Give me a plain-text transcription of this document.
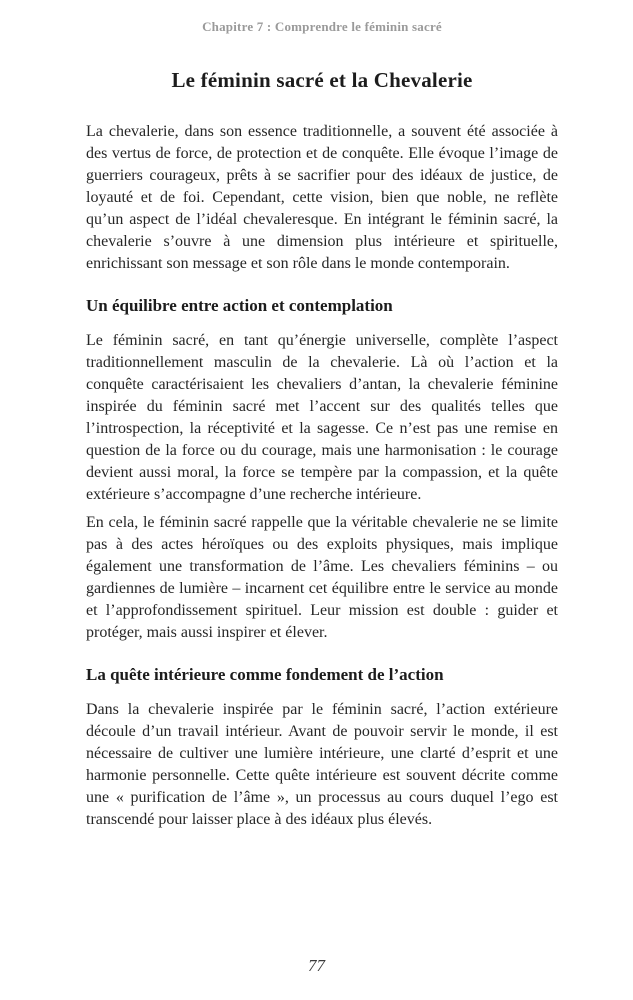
Chapitre 7 : Comprendre le féminin sacré
Le féminin sacré et la Chevalerie

La chevalerie, dans son essence traditionnelle, a souvent été associée à des vertus de force, de protection et de conquête. Elle évoque l’image de guerriers courageux, prêts à se sacrifier pour des idéaux de justice, de loyauté et de foi. Cependant, cette vision, bien que noble, ne reflète qu’un aspect de l’idéal chevaleresque. En intégrant le féminin sacré, la chevalerie s’ouvre à une dimension plus intérieure et spirituelle, enrichissant son message et son rôle dans le monde contemporain.

Un équilibre entre action et contemplation

Le féminin sacré, en tant qu’énergie universelle, complète l’aspect traditionnellement masculin de la chevalerie. Là où l’action et la conquête caractérisaient les chevaliers d’antan, la chevalerie féminine inspirée du féminin sacré met l’accent sur des qualités telles que l’introspection, la réceptivité et la sagesse. Ce n’est pas une remise en question de la force ou du courage, mais une harmonisation : le courage devient aussi moral, la force se tempère par la compassion, et la quête extérieure s’accompagne d’une recherche intérieure.

En cela, le féminin sacré rappelle que la véritable chevalerie ne se limite pas à des actes héroïques ou des exploits physiques, mais implique également une transformation de l’âme. Les chevaliers féminins – ou gardiennes de lumière – incarnent cet équilibre entre le service au monde et l’approfondissement spirituel. Leur mission est double : guider et protéger, mais aussi inspirer et élever.

La quête intérieure comme fondement de l’action

Dans la chevalerie inspirée par le féminin sacré, l’action extérieure découle d’un travail intérieur. Avant de pouvoir servir le monde, il est nécessaire de cultiver une lumière intérieure, une clarté d’esprit et une harmonie personnelle. Cette quête intérieure est souvent décrite comme une « purification de l’âme », un processus au cours duquel l’ego est transcendé pour laisser place à des idéaux plus élevés.

77
